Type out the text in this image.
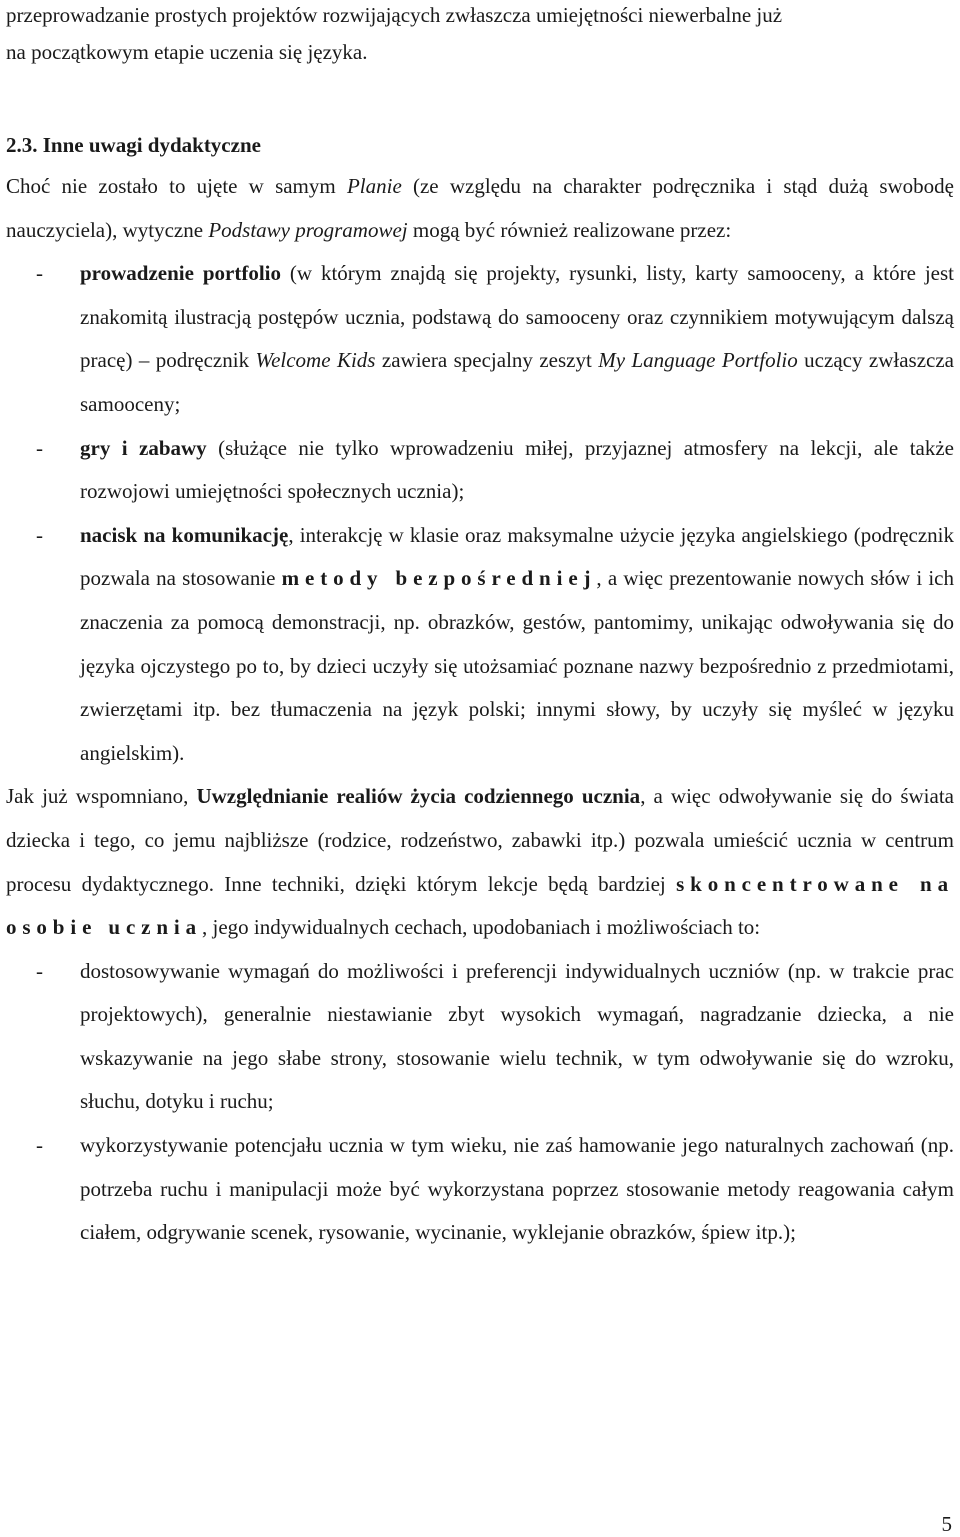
przeprowadzanie prostych projektów rozwijających zwłaszcza umiejętności niewerbalne już
na początkowym etapie uczenia się języka.

2.3. Inne uwagi dydaktyczne

Choć nie zostało to ujęte w samym Planie (ze względu na charakter podręcznika i stąd dużą swobodę nauczyciela), wytyczne Podstawy programowej mogą być również realizowane przez:

- prowadzenie portfolio (w którym znajdą się projekty, rysunki, listy, karty samooceny, a które jest znakomitą ilustracją postępów ucznia, podstawą do samooceny oraz czynnikiem motywującym dalszą pracę) ‒ podręcznik Welcome Kids zawiera specjalny zeszyt My Language Portfolio uczący zwłaszcza samooceny;

- gry i zabawy (służące nie tylko wprowadzeniu miłej, przyjaznej atmosfery na lekcji, ale także rozwojowi umiejętności społecznych ucznia);

- nacisk na komunikację, interakcję w klasie oraz maksymalne użycie języka angielskiego (podręcznik pozwala na stosowanie metody bezpośredniej, a więc prezentowanie nowych słów i ich znaczenia za pomocą demonstracji, np. obrazków, gestów, pantomimy, unikając odwoływania się do języka ojczystego po to, by dzieci uczyły się utożsamiać poznane nazwy bezpośrednio z przedmiotami, zwierzętami itp. bez tłumaczenia na język polski; innymi słowy, by uczyły się myśleć w języku angielskim).

Jak już wspomniano, Uwzględnianie realiów życia codziennego ucznia, a więc odwoływanie się do świata dziecka i tego, co jemu najbliższe (rodzice, rodzeństwo, zabawki itp.) pozwala umieścić ucznia w centrum procesu dydaktycznego. Inne techniki, dzięki którym lekcje będą bardziej skoncentrowane na osobie ucznia, jego indywidualnych cechach, upodobaniach i możliwościach to:

- dostosowywanie wymagań do możliwości i preferencji indywidualnych uczniów (np. w trakcie prac projektowych), generalnie niestawianie zbyt wysokich wymagań, nagradzanie dziecka, a nie wskazywanie na jego słabe strony, stosowanie wielu technik, w tym odwoływanie się do wzroku, słuchu, dotyku i ruchu;

- wykorzystywanie potencjału ucznia w tym wieku, nie zaś hamowanie jego naturalnych zachowań (np. potrzeba ruchu i manipulacji może być wykorzystana poprzez stosowanie metody reagowania całym ciałem, odgrywanie scenek, rysowanie, wycinanie, wyklejanie obrazków, śpiew itp.);

5
